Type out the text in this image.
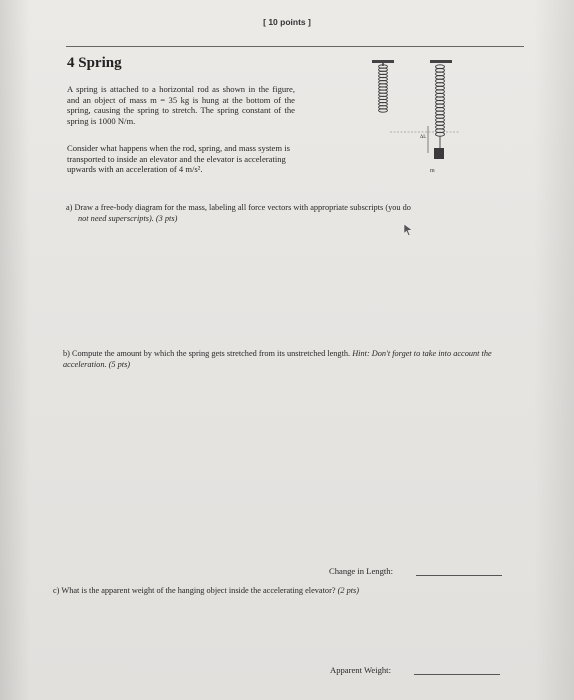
[ 10 points ]
4 Spring
A spring is attached to a horizontal rod as shown in the figure, and an object of mass m = 35 kg is hung at the bottom of the spring, causing the spring to stretch. The spring constant of the spring is 1000 N/m.
Consider what happens when the rod, spring, and mass system is transported to inside an elevator and the elevator is accelerating upwards with an acceleration of 4 m/s².
ΔL
m
a) Draw a free-body diagram for the mass, labeling all force vectors with appropriate subscripts (you do
not need superscripts). (3 pts)
b) Compute the amount by which the spring gets stretched from its unstretched length. Hint: Don't forget to take into account the acceleration. (5 pts)
Change in Length:
c) What is the apparent weight of the hanging object inside the accelerating elevator? (2 pts)
Apparent Weight:
